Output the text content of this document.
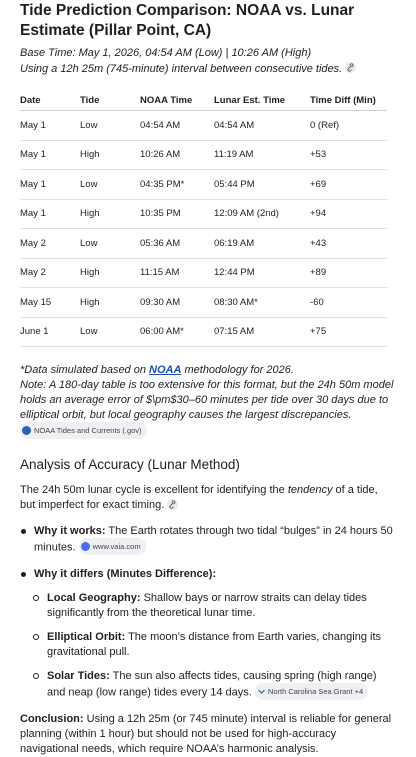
Tide Prediction Comparison: NOAA vs. Lunar Estimate (Pillar Point, CA)
Base Time: May 1, 2026, 04:54 AM (Low) | 10:26 AM (High)
Using a 12h 25m (745-minute) interval between consecutive tides.
Date	Tide	NOAA Time	Lunar Est. Time	Time Diff (Min)
May 1	Low	04:54 AM	04:54 AM	0 (Ref)
May 1	High	10:26 AM	11:19 AM	+53
May 1	Low	04:35 PM*	05:44 PM	+69
May 1	High	10:35 PM	12:09 AM (2nd)	+94
May 2	Low	05:36 AM	06:19 AM	+43
May 2	High	11:15 AM	12:44 PM	+89
May 15	High	09:30 AM	08:30 AM*	-60
June 1	Low	06:00 AM*	07:15 AM	+75
*Data simulated based on NOAA methodology for 2026.
Note: A 180-day table is too extensive for this format, but the 24h 50m model holds an average error of $\pm$30–60 minutes per tide over 30 days due to elliptical orbit, but local geography causes the largest discrepancies.
NOAA Tides and Currents (.gov)
Analysis of Accuracy (Lunar Method)

The 24h 50m lunar cycle is excellent for identifying the tendency of a tide, but imperfect for exact timing.

Why it works: The Earth rotates through two tidal “bulges” in 24 hours 50 minutes. www.vaia.com
Why it differs (Minutes Difference):
Local Geography: Shallow bays or narrow straits can delay tides significantly from the theoretical lunar time.
Elliptical Orbit: The moon’s distance from Earth varies, changing its gravitational pull.
Solar Tides: The sun also affects tides, causing spring (high range) and neap (low range) tides every 14 days. North Carolina Sea Grant +4

Conclusion: Using a 12h 25m (or 745 minute) interval is reliable for general planning (within 1 hour) but should not be used for high-accuracy navigational needs, which require NOAA’s harmonic analysis.
